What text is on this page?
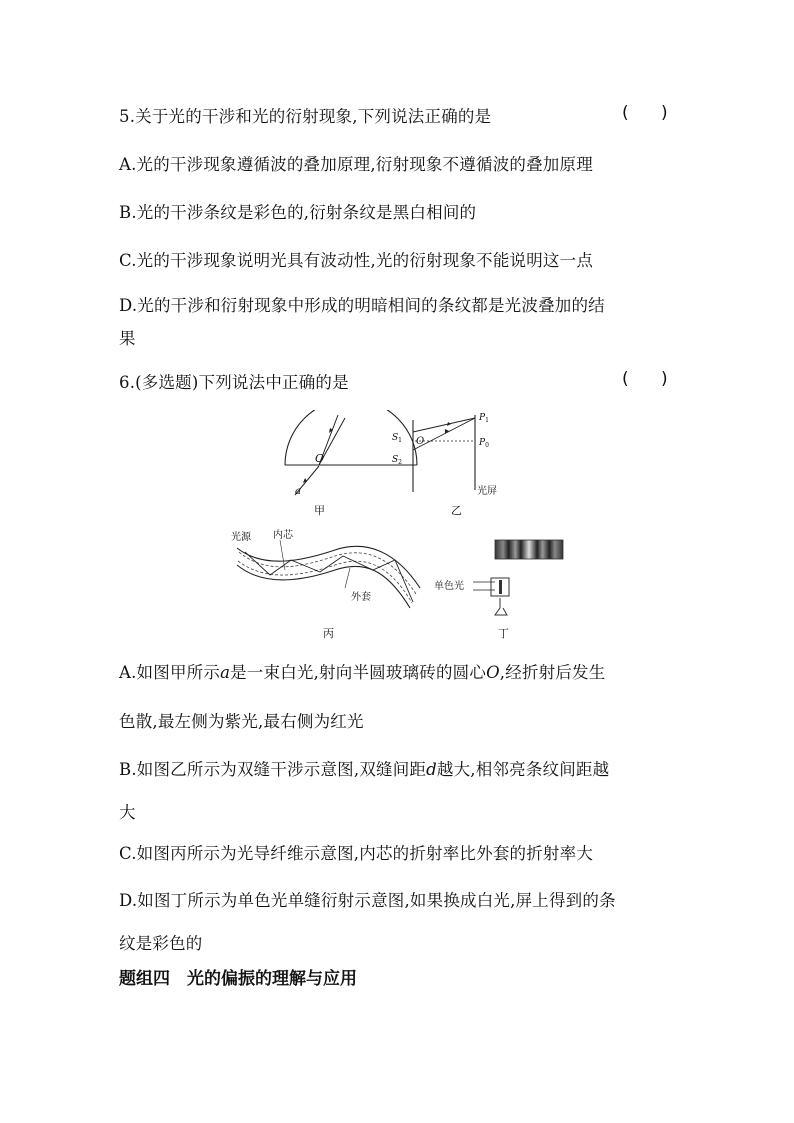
5.关于光的干涉和光的衍射现象,下列说法正确的是	(      )
A.光的干涉现象遵循波的叠加原理,衍射现象不遵循波的叠加原理
B.光的干涉条纹是彩色的,衍射条纹是黑白相间的
C.光的干涉现象说明光具有波动性,光的衍射现象不能说明这一点
D.光的干涉和衍射现象中形成的明暗相间的条纹都是光波叠加的结
果
6.(多选题)下列说法中正确的是	(      )
O
a
甲
$S_1$ O
$S_2$
$P_1$
$P_0$
光屏
乙
光源 内芯
外套
丙
单色光
丁
A.如图甲所示a是一束白光,射向半圆玻璃砖的圆心O,经折射后发生
色散,最左侧为紫光,最右侧为红光
B.如图乙所示为双缝干涉示意图,双缝间距d越大,相邻亮条纹间距越
大
C.如图丙所示为光导纤维示意图,内芯的折射率比外套的折射率大
D.如图丁所示为单色光单缝衍射示意图,如果换成白光,屏上得到的条
纹是彩色的
题组四　光的偏振的理解与应用
